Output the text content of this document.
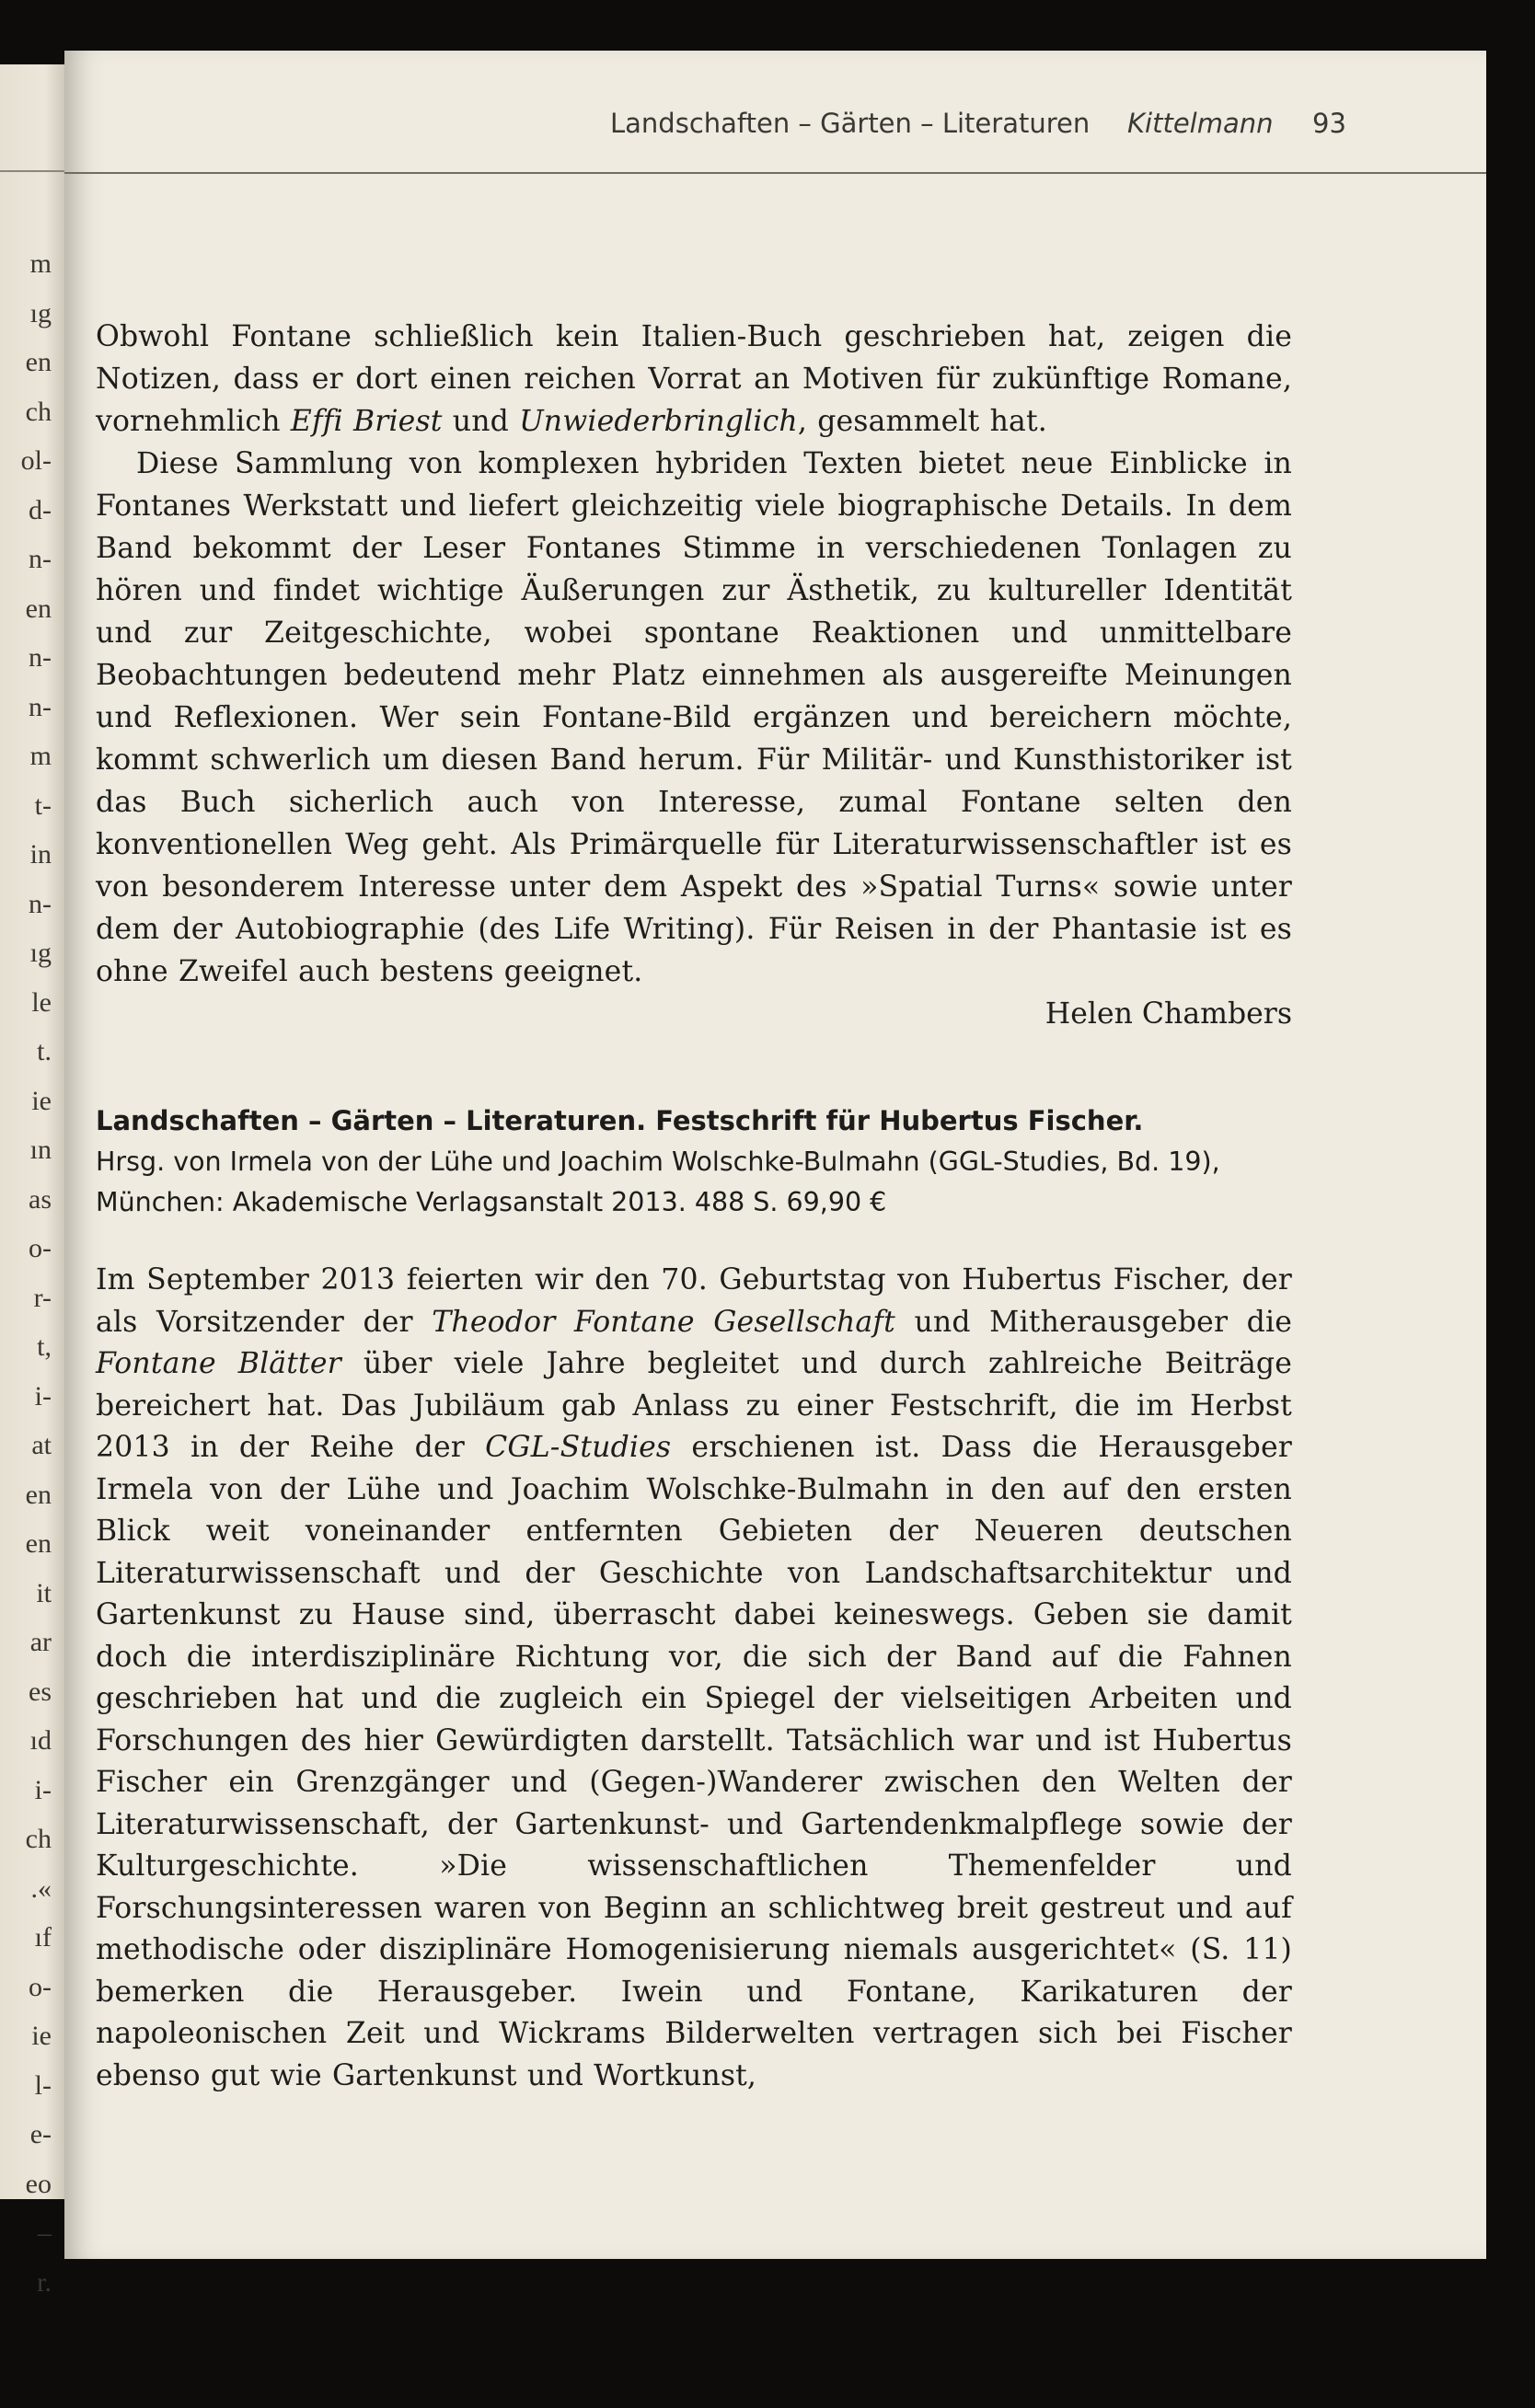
m
ıg
en
ch
ol-
d-
n-
en
n-
n-
m
t-
in
n-
ıg
le
t.
ie
ın
as
o-
r-
t,
i-
at
en
en
it
ar
es
ıd
i-
ch
.«
ıf
o-
ie
l-
e-
eo
–
r.
Landschaften – Gärten – Literaturen Kittelmann 93

Obwohl Fontane schließlich kein Italien-Buch geschrieben hat, zeigen die Notizen, dass er dort einen reichen Vorrat an Motiven für zukünftige Romane, vornehmlich Effi Briest und Unwiederbringlich, gesammelt hat.

Diese Sammlung von komplexen hybriden Texten bietet neue Einblicke in Fontanes Werkstatt und liefert gleichzeitig viele biographische Details. In dem Band bekommt der Leser Fontanes Stimme in verschiedenen Tonlagen zu hören und findet wichtige Äußerungen zur Ästhetik, zu kultureller Identität und zur Zeitgeschichte, wobei spontane Reaktionen und unmittelbare Beobachtungen bedeutend mehr Platz einnehmen als ausgereifte Meinungen und Reflexionen. Wer sein Fontane-Bild ergänzen und bereichern möchte, kommt schwerlich um diesen Band herum. Für Militär- und Kunsthistoriker ist das Buch sicherlich auch von Interesse, zumal Fontane selten den konventionellen Weg geht. Als Primärquelle für Literaturwissenschaftler ist es von besonderem Interesse unter dem Aspekt des »Spatial Turns« sowie unter dem der Autobiographie (des Life Writing). Für Reisen in der Phantasie ist es ohne Zweifel auch bestens geeignet.

Helen Chambers

Landschaften – Gärten – Literaturen. Festschrift für Hubertus Fischer.
Hrsg. von Irmela von der Lühe und Joachim Wolschke-Bulmahn (GGL-Studies, Bd. 19), München: Akademische Verlagsanstalt 2013. 488 S. 69,90 €

Im September 2013 feierten wir den 70. Geburtstag von Hubertus Fischer, der als Vorsitzender der Theodor Fontane Gesellschaft und Mitherausgeber die Fontane Blätter über viele Jahre begleitet und durch zahlreiche Beiträge bereichert hat. Das Jubiläum gab Anlass zu einer Festschrift, die im Herbst 2013 in der Reihe der CGL-Studies erschienen ist. Dass die Herausgeber Irmela von der Lühe und Joachim Wolschke-Bulmahn in den auf den ersten Blick weit voneinander entfernten Gebieten der Neueren deutschen Literaturwissenschaft und der Geschichte von Landschaftsarchitektur und Gartenkunst zu Hause sind, überrascht dabei keineswegs. Geben sie damit doch die interdisziplinäre Richtung vor, die sich der Band auf die Fahnen geschrieben hat und die zugleich ein Spiegel der vielseitigen Arbeiten und Forschungen des hier Gewürdigten darstellt. Tatsächlich war und ist Hubertus Fischer ein Grenzgänger und (Gegen-)Wanderer zwischen den Welten der Literaturwissenschaft, der Gartenkunst- und Gartendenkmalpflege sowie der Kulturgeschichte. »Die wissenschaftlichen Themenfelder und Forschungsinteressen waren von Beginn an schlichtweg breit gestreut und auf methodische oder disziplinäre Homogenisierung niemals ausgerichtet« (S. 11) bemerken die Herausgeber. Iwein und Fontane, Karikaturen der napoleonischen Zeit und Wickrams Bilderwelten vertragen sich bei Fischer ebenso gut wie Gartenkunst und Wortkunst,
